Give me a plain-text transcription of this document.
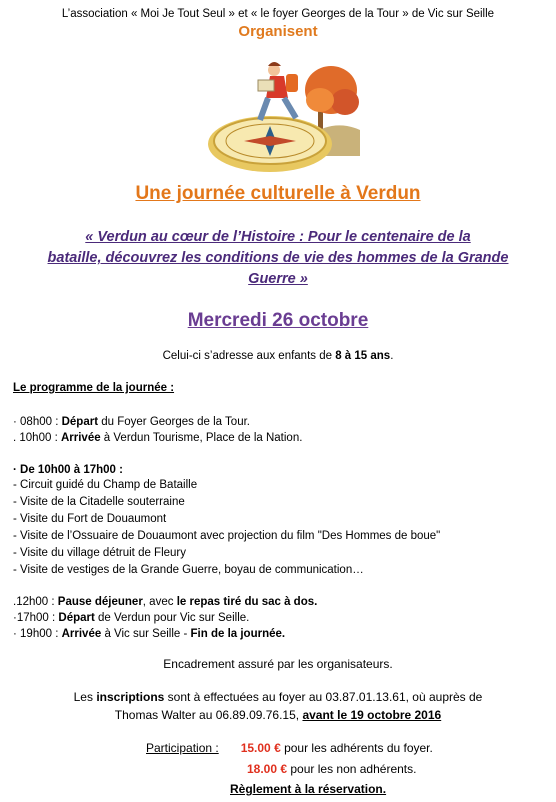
L’association « Moi Je Tout Seul » et « le foyer Georges de la Tour » de Vic sur Seille
Organisent
Une journée culturelle à Verdun
« Verdun au cœur de l’Histoire : Pour le centenaire de la
bataille, découvrez les conditions de vie des hommes de la Grande
Guerre »
Mercredi 26 octobre
Celui-ci s’adresse aux enfants de 8 à 15 ans.
Le programme de la journée :
· 08h00 : Départ du Foyer Georges de la Tour.
. 10h00 : Arrivée à Verdun Tourisme, Place de la Nation.
· De 10h00 à 17h00 :
- Circuit guidé du Champ de Bataille
- Visite de la Citadelle souterraine
- Visite du Fort de Douaumont
- Visite de l’Ossuaire de Douaumont avec projection du film "Des Hommes de boue"
- Visite du village détruit de Fleury
- Visite de vestiges de la Grande Guerre, boyau de communication…
.12h00 : Pause déjeuner, avec le repas tiré du sac à dos.
·17h00 : Départ de Verdun pour Vic sur Seille.
· 19h00 : Arrivée à Vic sur Seille - Fin de la journée.
Encadrement assuré par les organisateurs.
Les inscriptions sont à effectuées au foyer au 03.87.01.13.61, où auprès de
Thomas Walter au 06.89.09.76.15, avant le 19 octobre 2016
Participation : 15.00 € pour les adhérents du foyer.
18.00 € pour les non adhérents.
Règlement à la réservation.
